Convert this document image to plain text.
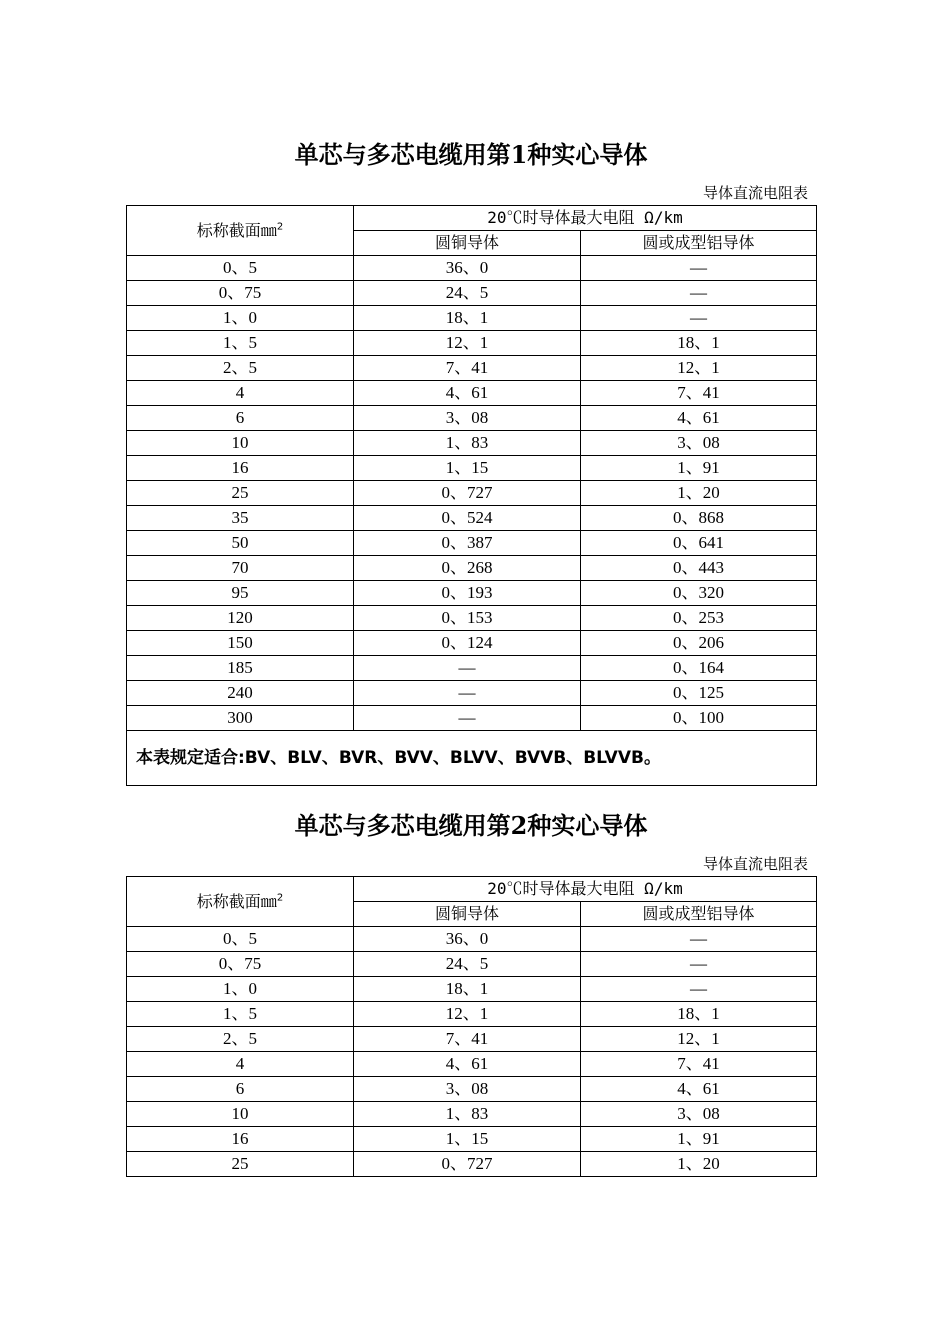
单芯与多芯电缆用第1种实心导体
导体直流电阻表
标称截面㎜$^2$	20℃时导体最大电阻 Ω/km	
	圆铜导体	圆或成型铝导体
0、5	36、0	—
0、75	24、5	—
1、0	18、1	—
1、5	12、1	18、1
2、5	7、41	12、1
4	4、61	7、41
6	3、08	4、61
10	1、83	3、08
16	1、15	1、91
25	0、727	1、20
35	0、524	0、868
50	0、387	0、641
70	0、268	0、443
95	0、193	0、320
120	0、153	0、253
150	0、124	0、206
185	—	0、164
240	—	0、125
300	—	0、100
本表规定适合:BV、BLV、BVR、BVV、BLVV、BVVB、BLVVB。		
单芯与多芯电缆用第2种实心导体
导体直流电阻表
标称截面㎜$^2$	20℃时导体最大电阻 Ω/km	
	圆铜导体	圆或成型铝导体
0、5	36、0	—
0、75	24、5	—
1、0	18、1	—
1、5	12、1	18、1
2、5	7、41	12、1
4	4、61	7、41
6	3、08	4、61
10	1、83	3、08
16	1、15	1、91
25	0、727	1、20
